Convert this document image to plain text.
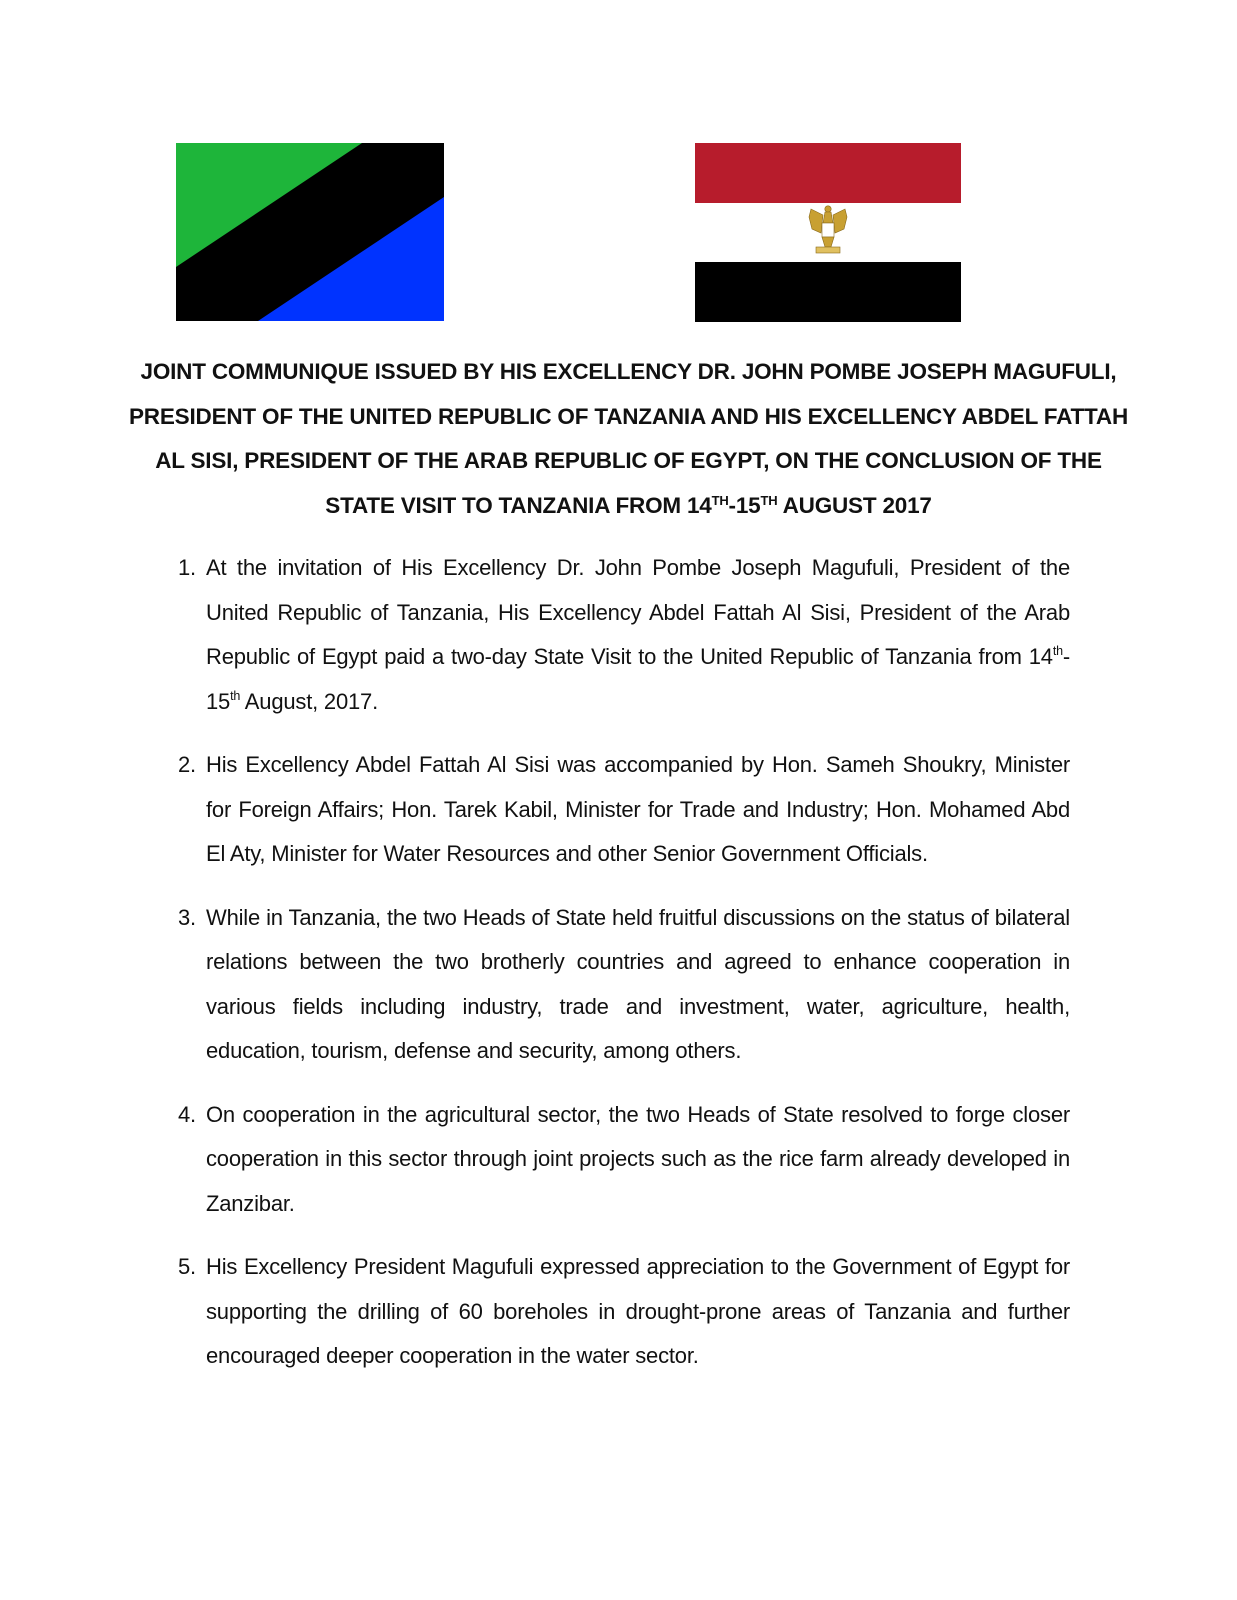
JOINT COMMUNIQUE ISSUED BY HIS EXCELLENCY DR. JOHN POMBE JOSEPH MAGUFULI, PRESIDENT OF THE UNITED REPUBLIC OF TANZANIA AND HIS EXCELLENCY ABDEL FATTAH AL SISI, PRESIDENT OF THE ARAB REPUBLIC OF EGYPT, ON THE CONCLUSION OF THE STATE VISIT TO TANZANIA FROM 14TH-15TH AUGUST 2017
1. At the invitation of His Excellency Dr. John Pombe Joseph Magufuli, President of the United Republic of Tanzania, His Excellency Abdel Fattah Al Sisi, President of the Arab Republic of Egypt paid a two-day State Visit to the United Republic of Tanzania from 14th-15th August, 2017.
2. His Excellency Abdel Fattah Al Sisi was accompanied by Hon. Sameh Shoukry, Minister for Foreign Affairs; Hon. Tarek Kabil, Minister for Trade and Industry; Hon. Mohamed Abd El Aty, Minister for Water Resources and other Senior Government Officials.
3. While in Tanzania, the two Heads of State held fruitful discussions on the status of bilateral relations between the two brotherly countries and agreed to enhance cooperation in various fields including industry, trade and investment, water, agriculture, health, education, tourism, defense and security, among others.
4. On cooperation in the agricultural sector, the two Heads of State resolved to forge closer cooperation in this sector through joint projects such as the rice farm already developed in Zanzibar.
5. His Excellency President Magufuli expressed appreciation to the Government of Egypt for supporting the drilling of 60 boreholes in drought-prone areas of Tanzania and further encouraged deeper cooperation in the water sector.
